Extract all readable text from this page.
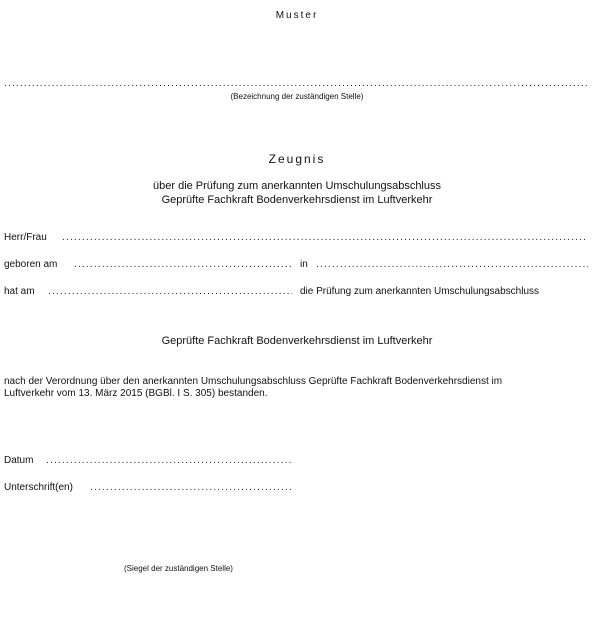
Muster
.....
(Bezeichnung der zuständigen Stelle)
Zeugnis
über die Prüfung zum anerkannten Umschulungsabschluss
Geprüfte Fachkraft Bodenverkehrsdienst im Luftverkehr
Herr/Frau
.....
geboren am .....	in
.....
hat am .....	die Prüfung zum anerkannten Umschulungsabschluss
Geprüfte Fachkraft Bodenverkehrsdienst im Luftverkehr
nach der Verordnung über den anerkannten Umschulungsabschluss Geprüfte Fachkraft Bodenverkehrsdienst im
Luftverkehr vom 13. März 2015 (BGBl. I S. 305) bestanden.
Datum
.....
Unterschrift(en)
.....
(Siegel der zuständigen Stelle)
